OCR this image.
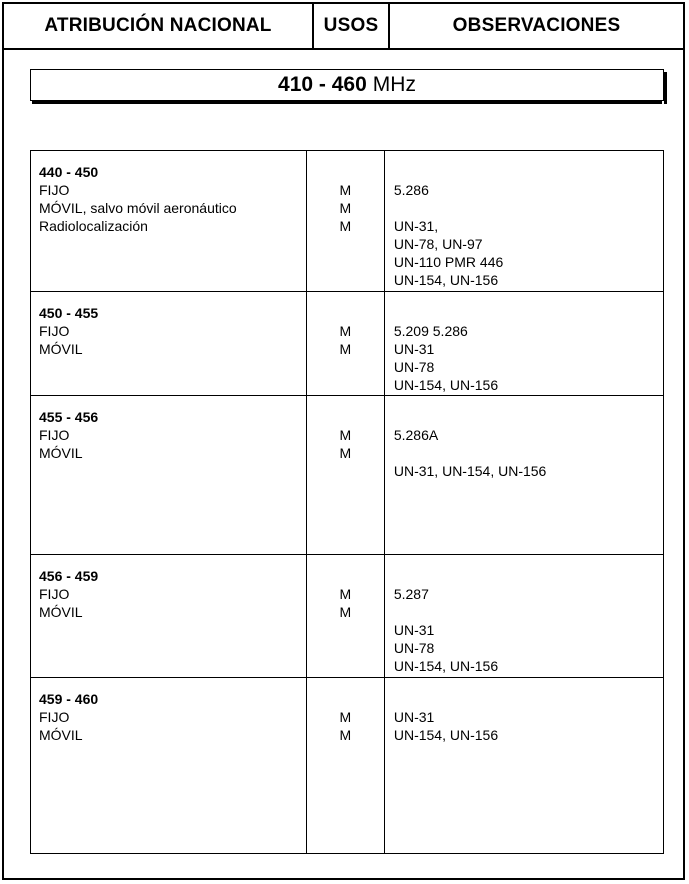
ATRIBUCIÓN NACIONAL	USOS	OBSERVACIONES
410 - 460 MHz
440 - 450
FIJO
MÓVIL, salvo móvil aeronáutico
Radiolocalización	M
M
M	5.286
UN-31,
UN-78, UN-97
UN-110 PMR 446
UN-154, UN-156

450 - 455
FIJO
MÓVIL	M
M	5.209 5.286
UN-31
UN-78
UN-154, UN-156

455 - 456
FIJO
MÓVIL	M
M	5.286A
UN-31, UN-154, UN-156

456 - 459
FIJO
MÓVIL	M
M	5.287
UN-31
UN-78
UN-154, UN-156

459 - 460
FIJO
MÓVIL	M
M	UN-31
UN-154, UN-156
